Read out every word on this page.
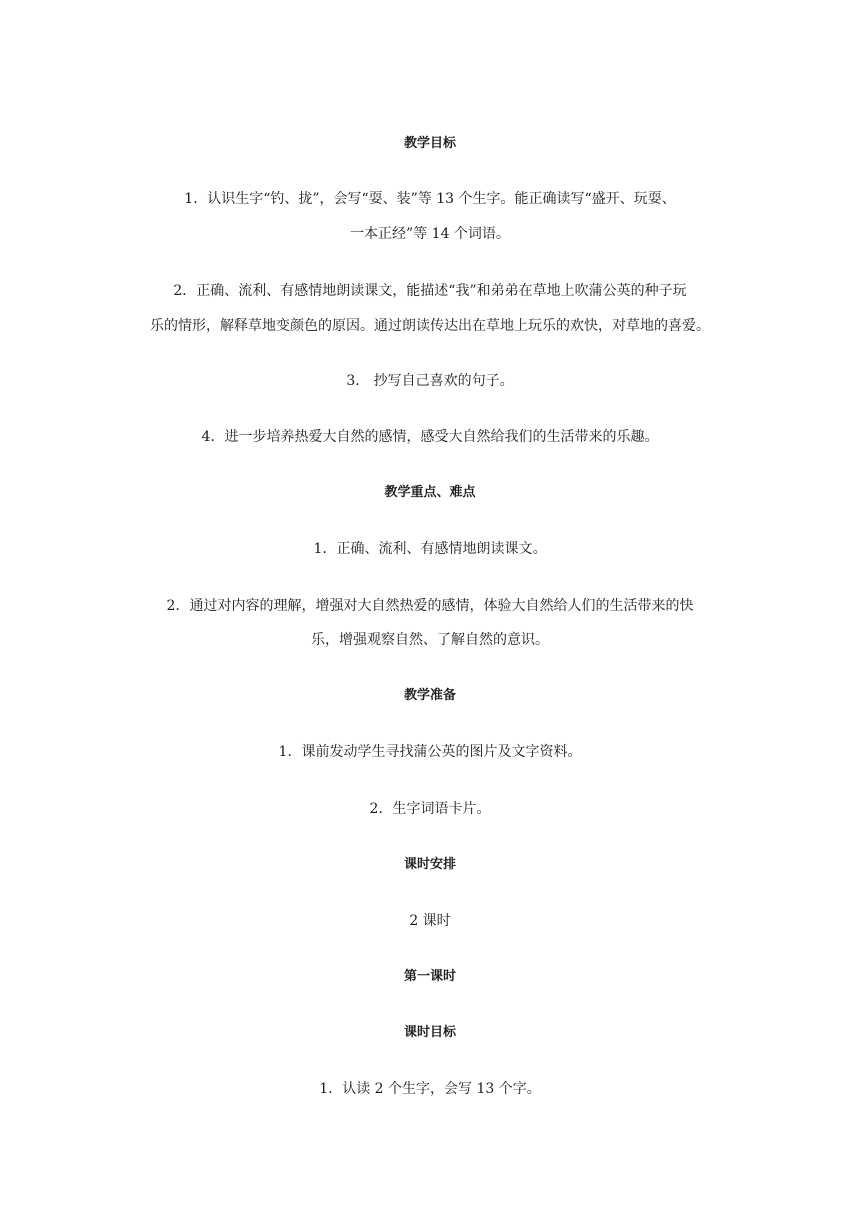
教学目标
1．认识生字“钓、拢”，会写“耍、装”等 13 个生字。能正确读写“盛开、玩耍、
一本正经”等 14 个词语。
2．正确、流利、有感情地朗读课文，能描述“我”和弟弟在草地上吹蒲公英的种子玩
乐的情形，解释草地变颜色的原因。通过朗读传达出在草地上玩乐的欢快，对草地的喜爱。
3． 抄写自己喜欢的句子。
4．进一步培养热爱大自然的感情，感受大自然给我们的生活带来的乐趣。
教学重点、难点
1．正确、流利、有感情地朗读课文。
2．通过对内容的理解，增强对大自然热爱的感情，体验大自然给人们的生活带来的快
乐，增强观察自然、了解自然的意识。
教学准备
1．课前发动学生寻找蒲公英的图片及文字资料。
2．生字词语卡片。
课时安排
2 课时
第一课时
课时目标
1．认读 2 个生字，会写 13 个字。
